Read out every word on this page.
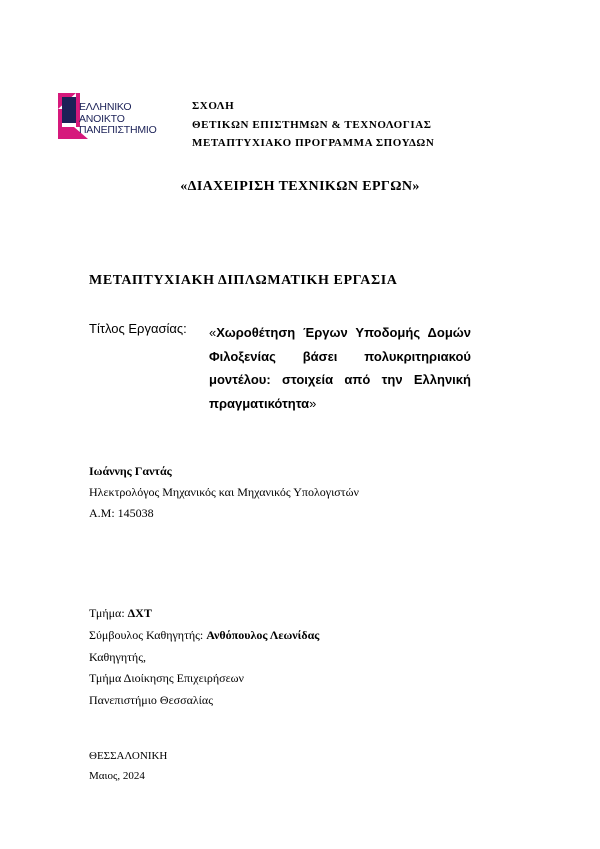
ΕΛΛΗΝΙΚΟ
ΑΝΟΙΚΤΟ
ΠΑΝΕΠΙΣΤΗΜΙΟ
ΣΧΟΛΗ
ΘΕΤΙΚΩΝ ΕΠΙΣΤΗΜΩΝ & ΤΕΧΝΟΛΟΓΙΑΣ
ΜΕΤΑΠΤΥΧΙΑΚΟ ΠΡΟΓΡΑΜΜΑ ΣΠΟΥΔΩΝ
«ΔΙΑΧΕΙΡΙΣΗ ΤΕΧΝΙΚΩΝ ΕΡΓΩΝ»
ΜΕΤΑΠΤΥΧΙΑΚΗ ΔΙΠΛΩΜΑΤΙΚΗ ΕΡΓΑΣΙΑ
Τίτλος Εργασίας: «Χωροθέτηση Έργων Υποδομής Δομών Φιλοξενίας βάσει πολυκριτηριακού μοντέλου: στοιχεία από την Ελληνική πραγματικότητα»
Ιωάννης Γαντάς
Ηλεκτρολόγος Μηχανικός και Μηχανικός Υπολογιστών
Α.Μ: 145038
Τμήμα: ΔΧΤ
Σύμβουλος Καθηγητής: Ανθόπουλος Λεωνίδας
Καθηγητής,
Τμήμα Διοίκησης Επιχειρήσεων
Πανεπιστήμιο Θεσσαλίας
ΘΕΣΣΑΛΟΝΙΚΗ
Μαιος, 2024
